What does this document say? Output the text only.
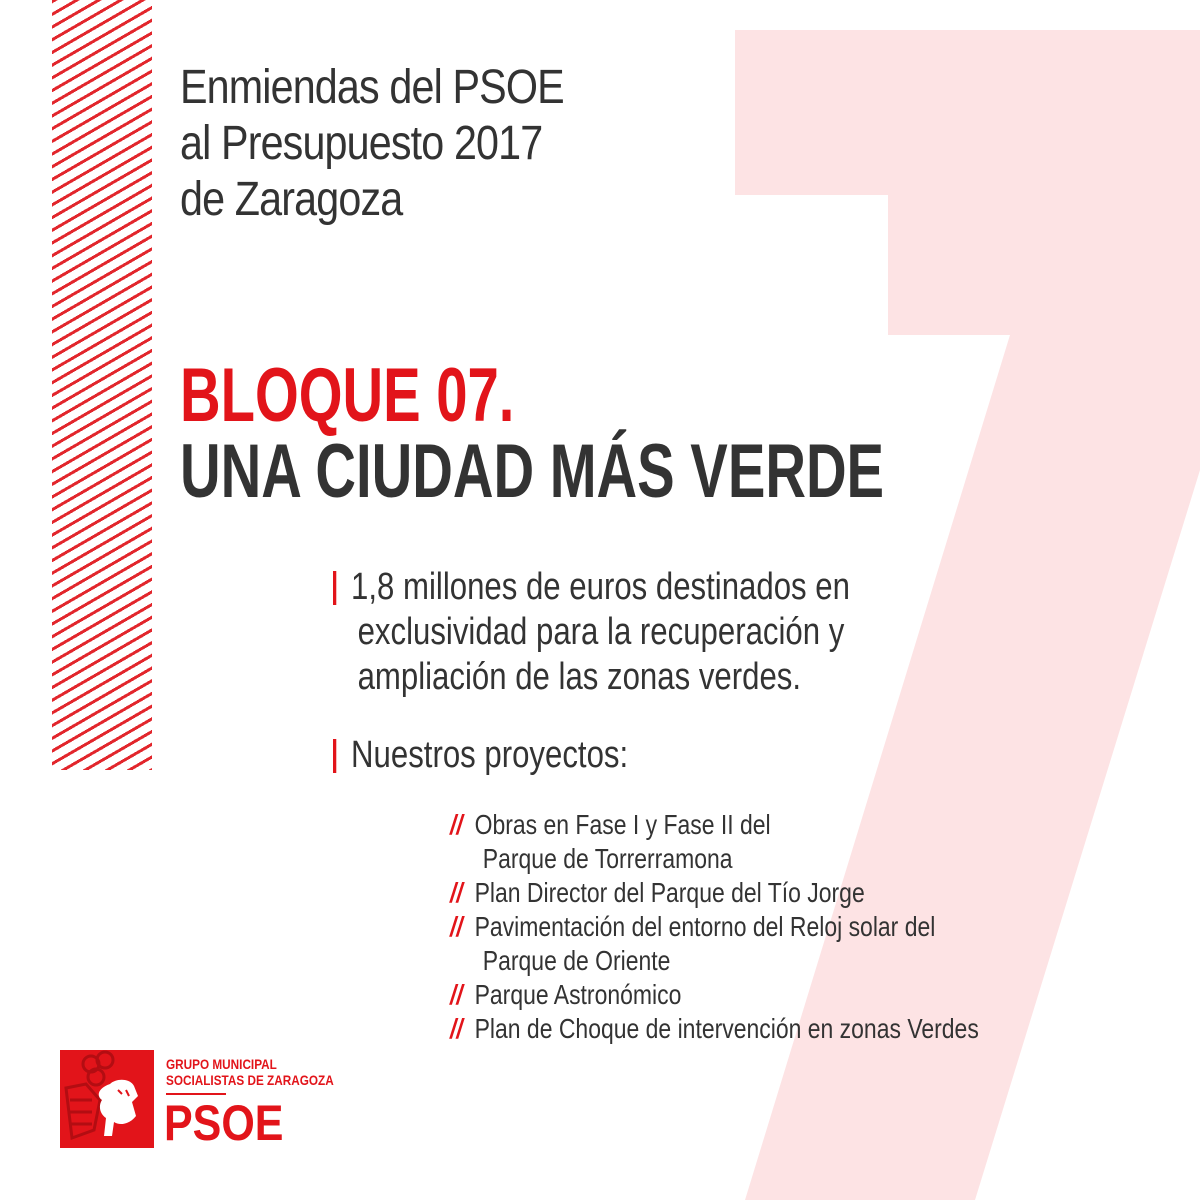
Enmiendas del PSOE
al Presupuesto 2017
de Zaragoza
BLOQUE 07.
UNA CIUDAD MÁS VERDE
1,8 millones de euros destinados en
exclusividad para la recuperación y
ampliación de las zonas verdes.
Nuestros proyectos:
// Obras en Fase I y Fase II del
Parque de Torrerramona
// Plan Director del Parque del Tío Jorge
// Pavimentación del entorno del Reloj solar del
Parque de Oriente
// Parque Astronómico
// Plan de Choque de intervención en zonas Verdes
GRUPO MUNICIPAL
SOCIALISTAS DE ZARAGOZA
PSOE
